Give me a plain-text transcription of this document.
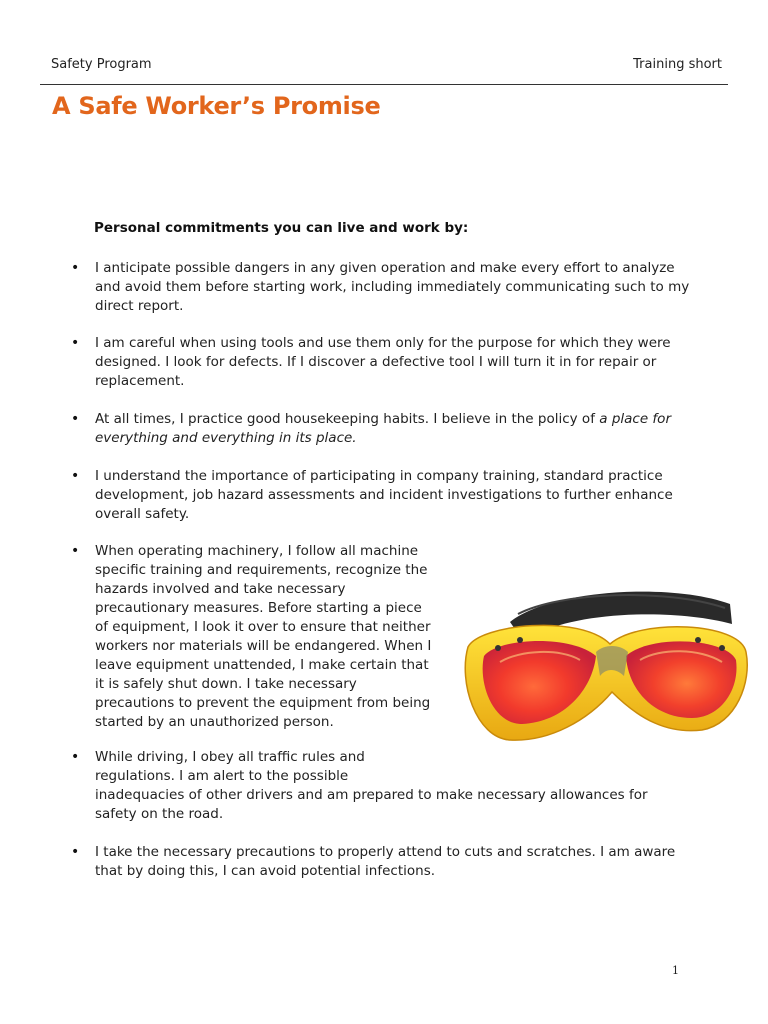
Safety Program	Training short
A Safe Worker’s Promise
Personal commitments you can live and work by:
• I anticipate possible dangers in any given operation and make every effort to analyze and avoid them before starting work, including immediately communicating such to my direct report.

• I am careful when using tools and use them only for the purpose for which they were designed. I look for defects. If I discover a defective tool I will turn it in for repair or replacement.

• At all times, I practice good housekeeping habits. I believe in the policy of a place for everything and everything in its place.

• I understand the importance of participating in company training, standard practice development, job hazard assessments and incident investigations to further enhance overall safety.

• When operating machinery, I follow all machine
specific training and requirements, recognize the
hazards involved and take necessary
precautionary measures. Before starting a piece
of equipment, I look it over to ensure that neither
workers nor materials will be endangered. When I
leave equipment unattended, I make certain that
it is safely shut down. I take necessary
precautions to prevent the equipment from being
started by an unauthorized person.
• While driving, I obey all traffic rules and
regulations. I am alert to the possible
inadequacies of other drivers and am prepared to make necessary allowances for
safety on the road.
• I take the necessary precautions to properly attend to cuts and scratches. I am aware that by doing this, I can avoid potential infections.

1
